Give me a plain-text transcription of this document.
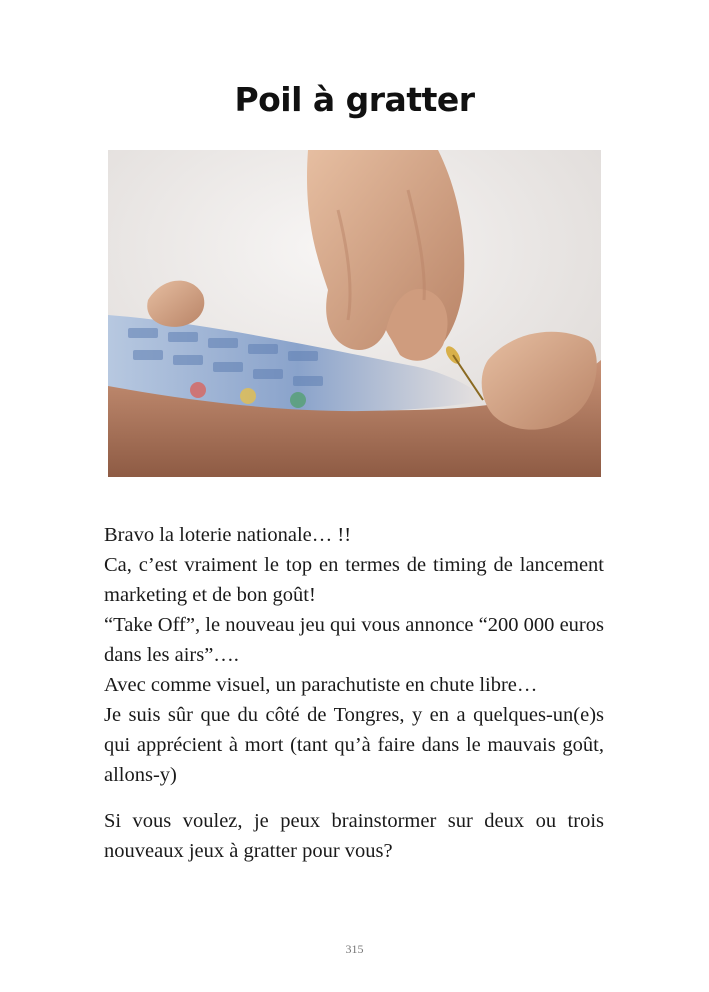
Poil à gratter

Bravo la loterie nationale… !!

Ca, c’est vraiment le top en termes de timing de lancement marketing et de bon goût!

“Take Off”, le nouveau jeu qui vous annonce “200 000 euros dans les airs”….

Avec comme visuel, un parachutiste en chute libre…

Je suis sûr que du côté de Tongres, y en a quelques-un(e)s qui apprécient à mort (tant qu’à faire dans le mauvais goût, allons-y)

Si vous voulez, je peux brainstormer sur deux ou trois nouveaux jeux à gratter pour vous?

315
